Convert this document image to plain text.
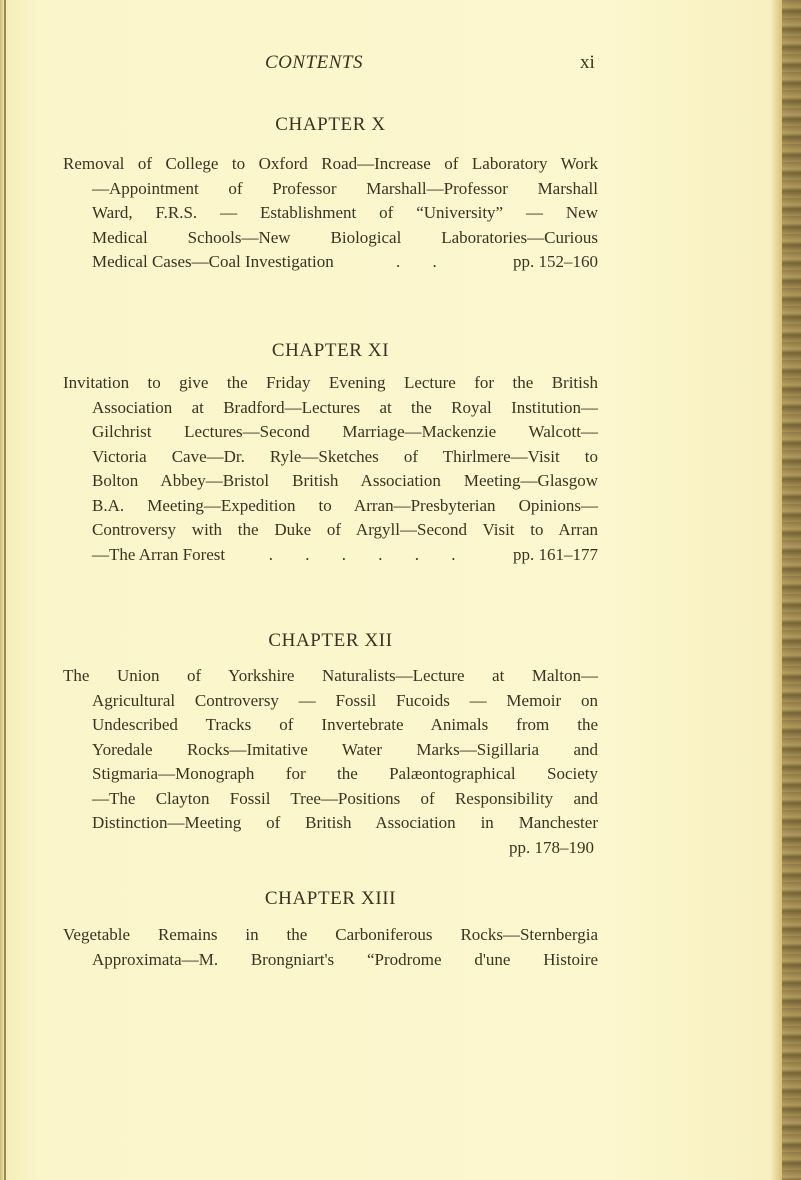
CONTENTS	xi
CHAPTER X
Removal of College to Oxford Road—Increase of Laboratory Work
—Appointment of Professor Marshall—Professor Marshall
Ward, F.R.S. — Establishment of “University” — New
Medical Schools—New Biological Laboratories—Curious
Medical Cases—Coal Investigation	. .	pp. 152–160
CHAPTER XI
Invitation to give the Friday Evening Lecture for the British
Association at Bradford—Lectures at the Royal Institution—
Gilchrist Lectures—Second Marriage—Mackenzie Walcott—
Victoria Cave—Dr. Ryle—Sketches of Thirlmere—Visit to
Bolton Abbey—Bristol British Association Meeting—Glasgow
B.A. Meeting—Expedition to Arran—Presbyterian Opinions—
Controversy with the Duke of Argyll—Second Visit to Arran
—The Arran Forest	. . . . . .	pp. 161–177
CHAPTER XII
The Union of Yorkshire Naturalists—Lecture at Malton—
Agricultural Controversy — Fossil Fucoids — Memoir on
Undescribed Tracks of Invertebrate Animals from the
Yoredale Rocks—Imitative Water Marks—Sigillaria and
Stigmaria—Monograph for the Palæontographical Society
—The Clayton Fossil Tree—Positions of Responsibility and
Distinction—Meeting of British Association in Manchester
pp. 178–190
CHAPTER XIII
Vegetable Remains in the Carboniferous Rocks—Sternbergia
Approximata—M. Brongniart's “Prodrome d'une Histoire
